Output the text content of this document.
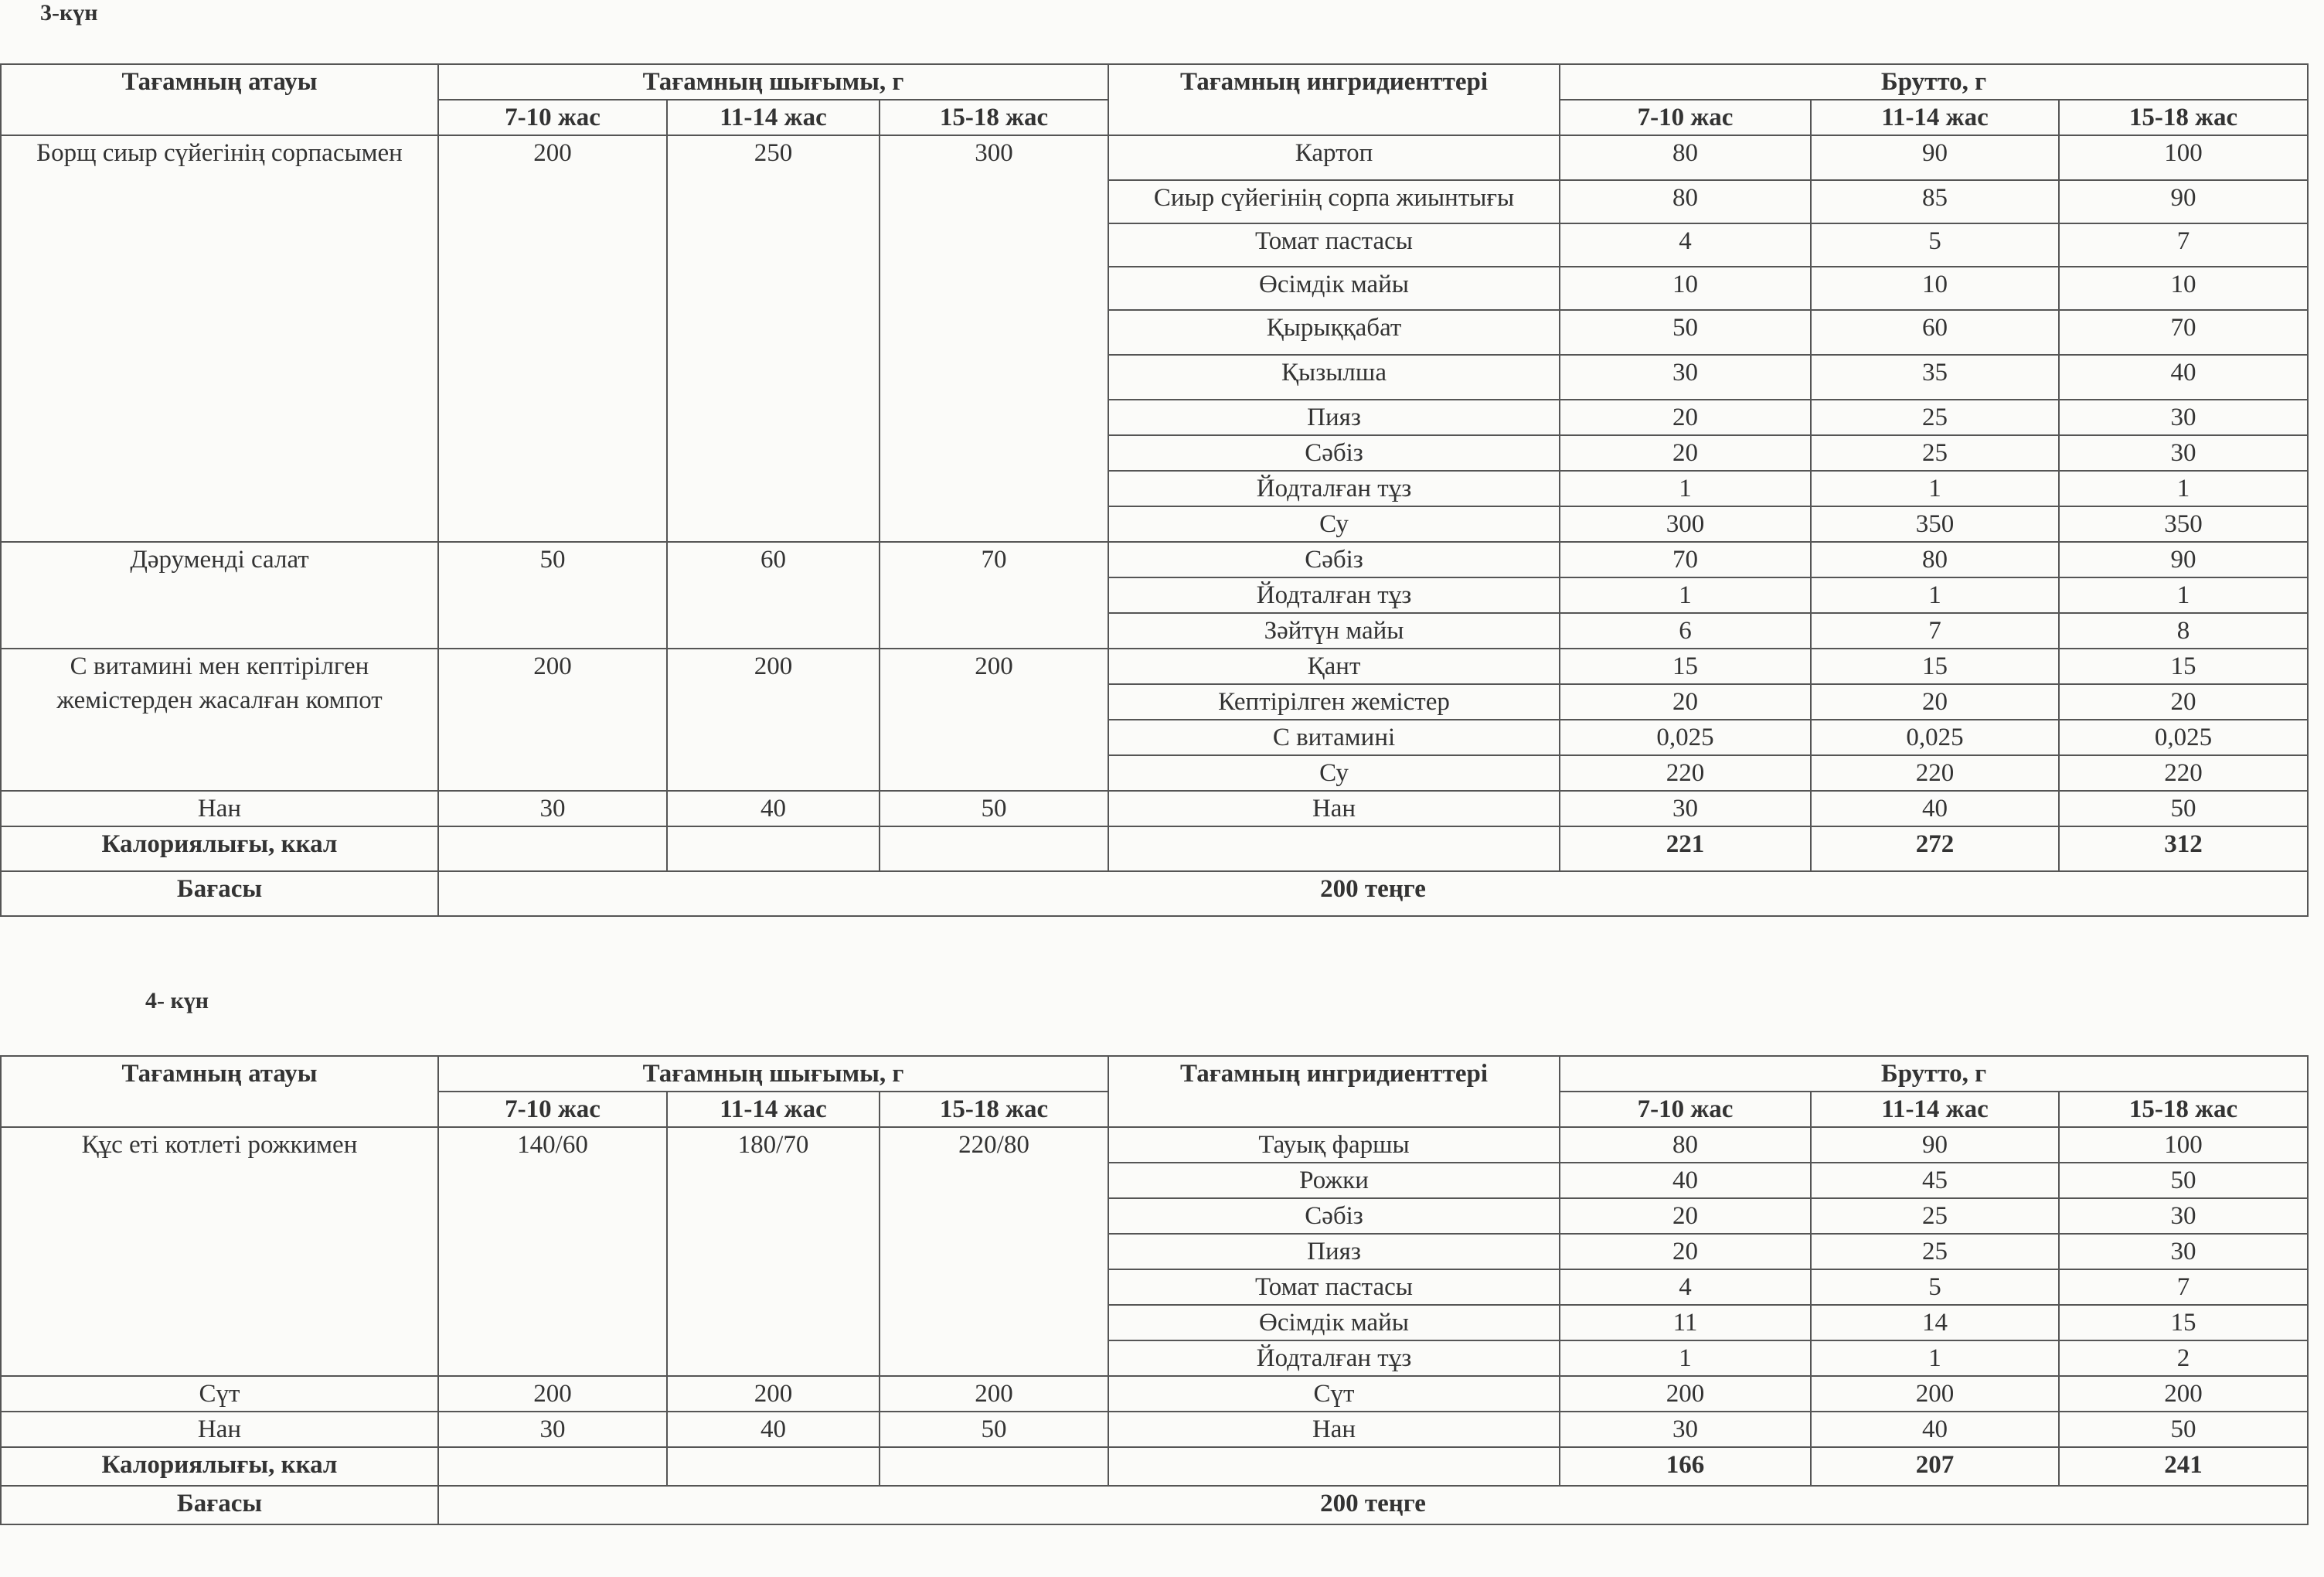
3-күн
Тағамның атауы	Тағамның шығымы, г			Тағамның ингридиенттері	Брутто, г		
	7-10 жас	11-14 жас	15-18 жас		7-10 жас	11-14 жас	15-18 жас
Борщ сиыр сүйегінің сорпасымен	200	250	300	Картоп	80	90	100
				Сиыр сүйегінің сорпа жиынтығы	80	85	90
				Томат пастасы	4	5	7
				Өсімдік майы	10	10	10
				Қырыққабат	50	60	70
				Қызылша	30	35	40
				Пияз	20	25	30
				Сәбіз	20	25	30
				Йодталған тұз	1	1	1
				Су	300	350	350
Дәруменді салат	50	60	70	Сәбіз	70	80	90
				Йодталған тұз	1	1	1
				Зәйтүн майы	6	7	8
С витамині мен кептірілген жемістерден жасалған компот	200	200	200	Қант	15	15	15
				Кептірілген жемістер	20	20	20
				С витамині	0,025	0,025	0,025
				Су	220	220	220
Нан	30	40	50	Нан	30	40	50
Калориялығы, ккал					221	272	312
Бағасы	200 теңге						
4- күн
Тағамның атауы	Тағамның шығымы, г			Тағамның ингридиенттері	Брутто, г		
	7-10 жас	11-14 жас	15-18 жас		7-10 жас	11-14 жас	15-18 жас
Құс еті котлеті рожкимен	140/60	180/70	220/80	Тауық фаршы	80	90	100
				Рожки	40	45	50
				Сәбіз	20	25	30
				Пияз	20	25	30
				Томат пастасы	4	5	7
				Өсімдік майы	11	14	15
				Йодталған тұз	1	1	2
Сүт	200	200	200	Сүт	200	200	200
Нан	30	40	50	Нан	30	40	50
Калориялығы, ккал					166	207	241
Бағасы	200 теңге						
